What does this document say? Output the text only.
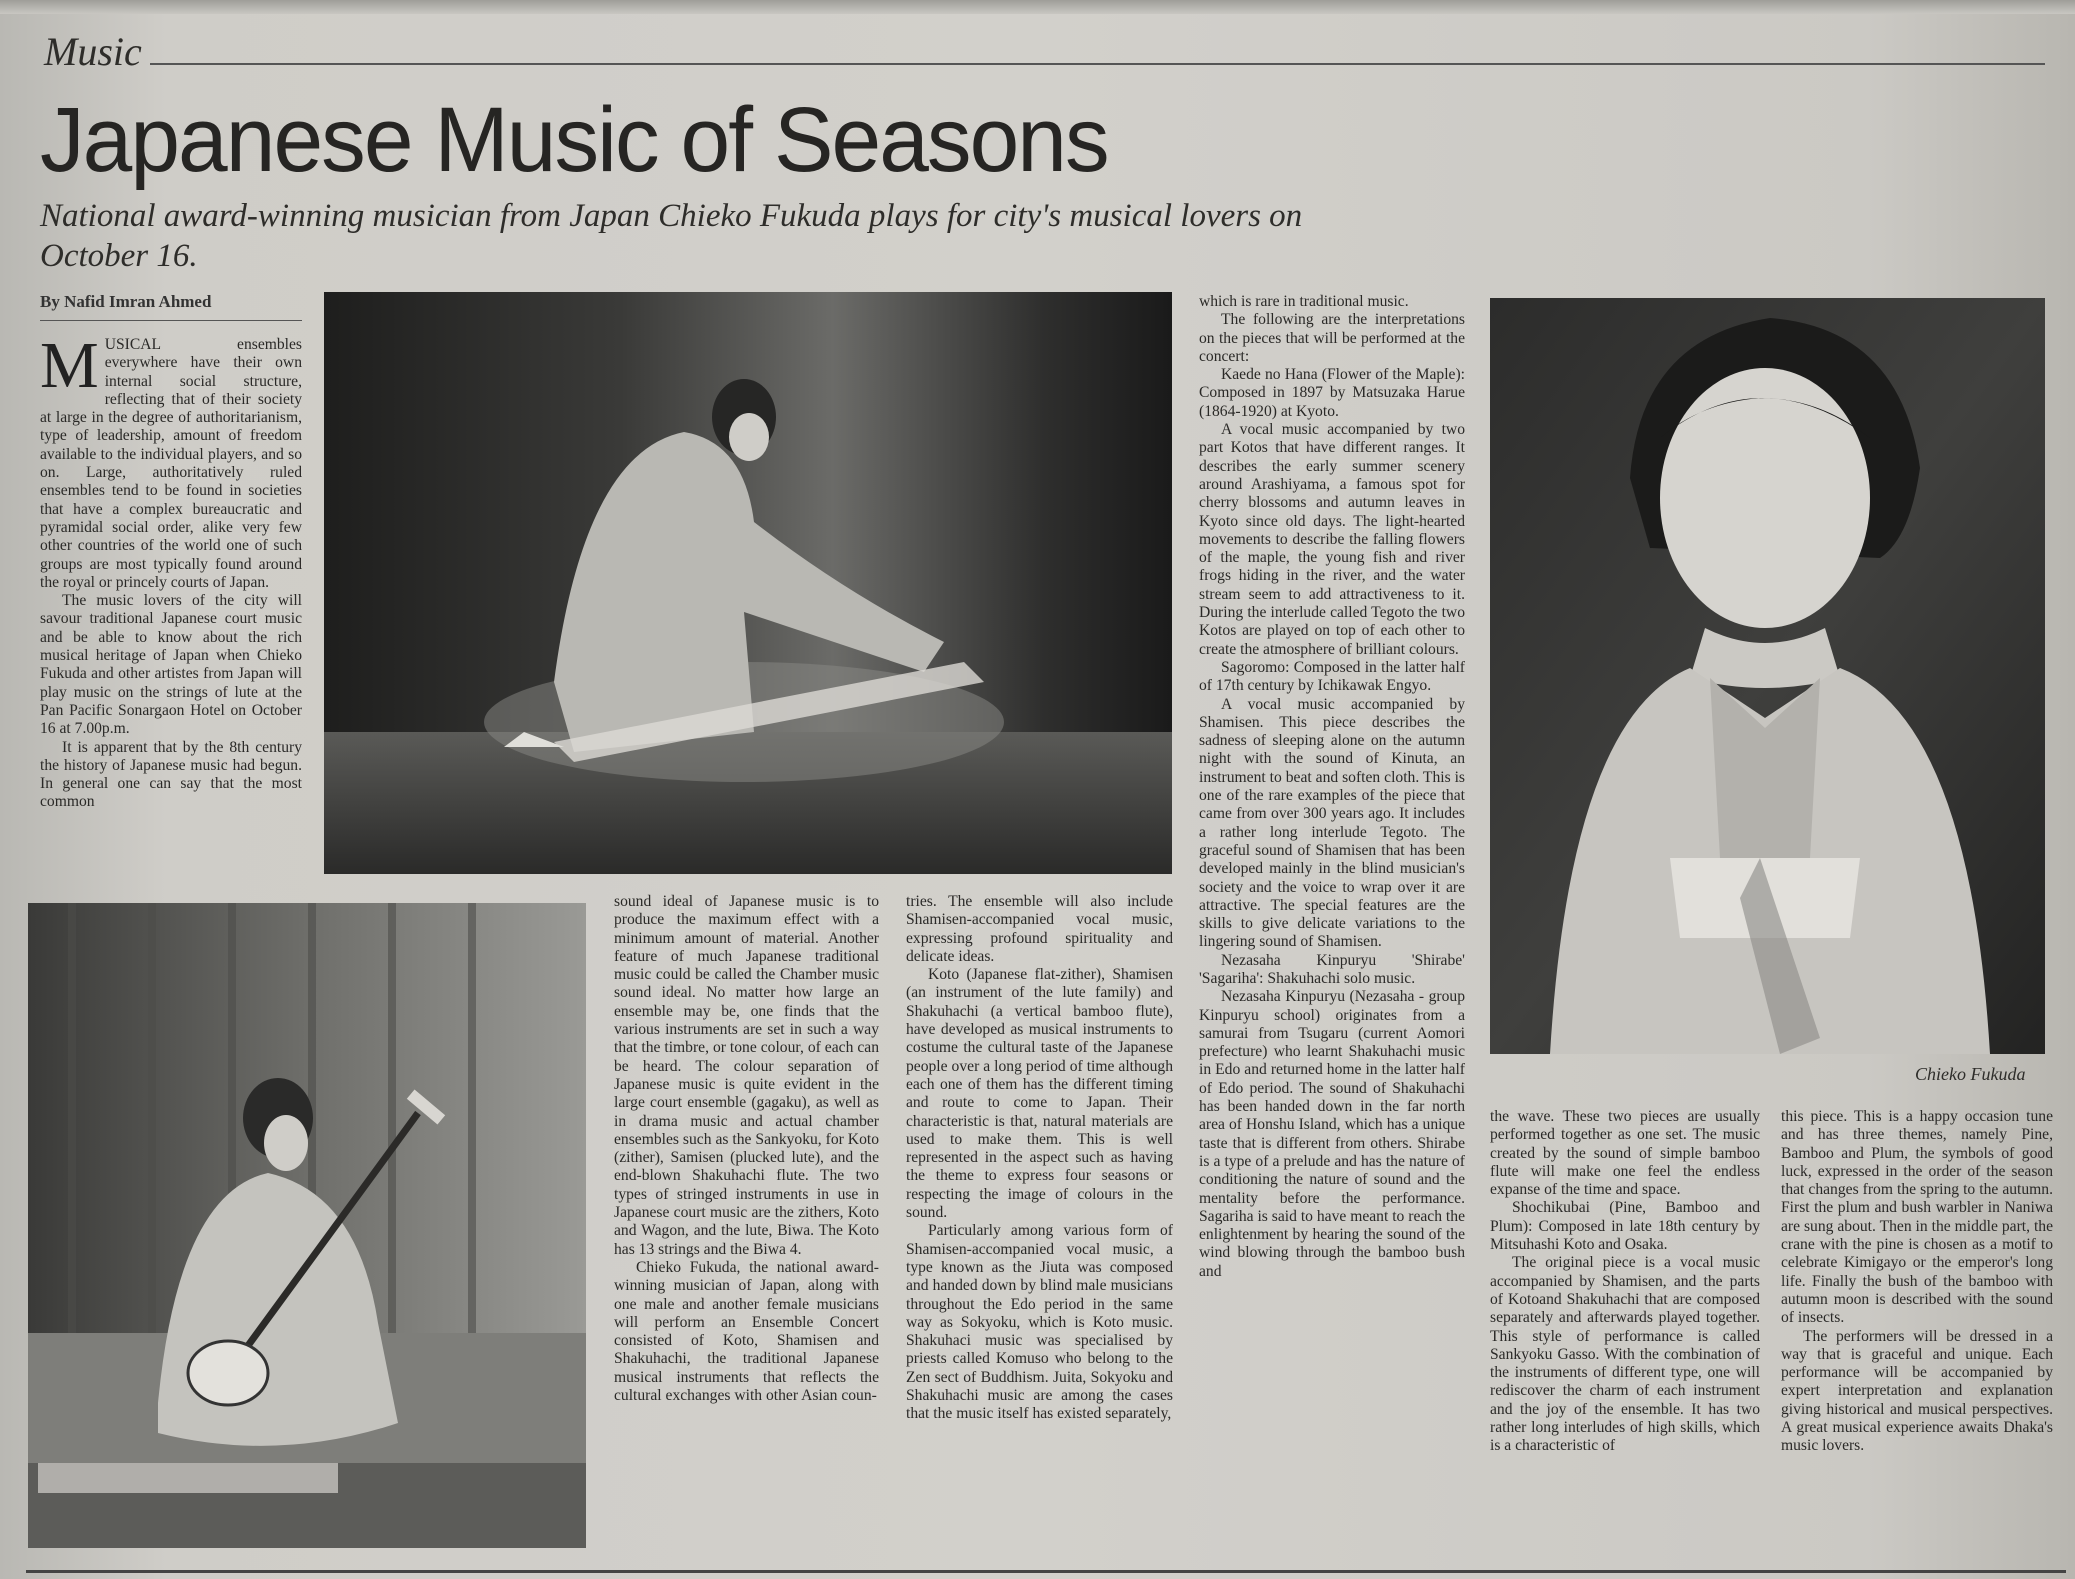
Music
Japanese Music of Seasons
National award-winning musician from Japan Chieko Fukuda plays for city's musical lovers on October 16.
By Nafid Imran Ahmed
M USICAL ensembles everywhere have their own internal social structure, reflecting that of their society at large in the degree of authoritarianism, type of leadership, amount of freedom available to the individual players, and so on. Large, authoritatively ruled ensembles tend to be found in societies that have a complex bureaucratic and pyramidal social order, alike very few other countries of the world one of such groups are most typically found around the royal or princely courts of Japan.

The music lovers of the city will savour traditional Japanese court music and be able to know about the rich musical heritage of Japan when Chieko Fukuda and other artistes from Japan will play music on the strings of lute at the Pan Pacific Sonargaon Hotel on October 16 at 7.00p.m.

It is apparent that by the 8th century the history of Japanese music had begun. In general one can say that the most common

sound ideal of Japanese music is to produce the maximum effect with a minimum amount of material. Another feature of much Japanese traditional music could be called the Chamber music sound ideal. No matter how large an ensemble may be, one finds that the various instruments are set in such a way that the timbre, or tone colour, of each can be heard. The colour separation of Japanese music is quite evident in the large court ensemble (gagaku), as well as in drama music and actual chamber ensembles such as the Sankyoku, for Koto (zither), Samisen (plucked lute), and the end-blown Shakuhachi flute. The two types of stringed instruments in use in Japanese court music are the zithers, Koto and Wagon, and the lute, Biwa. The Koto has 13 strings and the Biwa 4.

Chieko Fukuda, the national award-winning musician of Japan, along with one male and another female musicians will perform an Ensemble Concert consisted of Koto, Shamisen and Shakuhachi, the traditional Japanese musical instruments that reflects the cultural exchanges with other Asian coun-

tries. The ensemble will also include Shamisen-accompanied vocal music, expressing profound spirituality and delicate ideas.

Koto (Japanese flat-zither), Shamisen (an instrument of the lute family) and Shakuhachi (a vertical bamboo flute), have developed as musical instruments to costume the cultural taste of the Japanese people over a long period of time although each one of them has the different timing and route to come to Japan. Their characteristic is that, natural materials are used to make them. This is well represented in the aspect such as having the theme to express four seasons or respecting the image of colours in the sound.

Particularly among various form of Shamisen-accompanied vocal music, a type known as the Jiuta was composed and handed down by blind male musicians throughout the Edo period in the same way as Sokyoku, which is Koto music. Shakuhaci music was specialised by priests called Komuso who belong to the Zen sect of Buddhism. Juita, Sokyoku and Shakuhachi music are among the cases that the music itself has existed separately,

which is rare in traditional music.

The following are the interpretations on the pieces that will be performed at the concert:

Kaede no Hana (Flower of the Maple): Composed in 1897 by Matsuzaka Harue (1864-1920) at Kyoto.

A vocal music accompanied by two part Kotos that have different ranges. It describes the early summer scenery around Arashiyama, a famous spot for cherry blossoms and autumn leaves in Kyoto since old days. The light-hearted movements to describe the falling flowers of the maple, the young fish and river frogs hiding in the river, and the water stream seem to add attractiveness to it. During the interlude called Tegoto the two Kotos are played on top of each other to create the atmosphere of brilliant colours.

Sagoromo: Composed in the latter half of 17th century by Ichikawak Engyo.

A vocal music accompanied by Shamisen. This piece describes the sadness of sleeping alone on the autumn night with the sound of Kinuta, an instrument to beat and soften cloth. This is one of the rare examples of the piece that came from over 300 years ago. It includes a rather long interlude Tegoto. The graceful sound of Shamisen that has been developed mainly in the blind musician's society and the voice to wrap over it are attractive. The special features are the skills to give delicate variations to the lingering sound of Shamisen.

Nezasaha Kinpuryu 'Shirabe' 'Sagariha': Shakuhachi solo music.

Nezasaha Kinpuryu (Nezasaha - group Kinpuryu school) originates from a samurai from Tsugaru (current Aomori prefecture) who learnt Shakuhachi music in Edo and returned home in the latter half of Edo period. The sound of Shakuhachi has been handed down in the far north area of Honshu Island, which has a unique taste that is different from others. Shirabe is a type of a prelude and has the nature of conditioning the nature of sound and the mentality before the performance. Sagariha is said to have meant to reach the enlightenment by hearing the sound of the wind blowing through the bamboo bush and

Chieko Fukuda

the wave. These two pieces are usually performed together as one set. The music created by the sound of simple bamboo flute will make one feel the endless expanse of the time and space.

Shochikubai (Pine, Bamboo and Plum): Composed in late 18th century by Mitsuhashi Koto and Osaka.

The original piece is a vocal music accompanied by Shamisen, and the parts of Kotoand Shakuhachi that are composed separately and afterwards played together. This style of performance is called Sankyoku Gasso. With the combination of the instruments of different type, one will rediscover the charm of each instrument and the joy of the ensemble. It has two rather long interludes of high skills, which is a characteristic of

this piece. This is a happy occasion tune and has three themes, namely Pine, Bamboo and Plum, the symbols of good luck, expressed in the order of the season that changes from the spring to the autumn. First the plum and bush warbler in Naniwa are sung about. Then in the middle part, the crane with the pine is chosen as a motif to celebrate Kimigayo or the emperor's long life. Finally the bush of the bamboo with autumn moon is described with the sound of insects.

The performers will be dressed in a way that is graceful and unique. Each performance will be accompanied by expert interpretation and explanation giving historical and musical perspectives. A great musical experience awaits Dhaka's music lovers.
